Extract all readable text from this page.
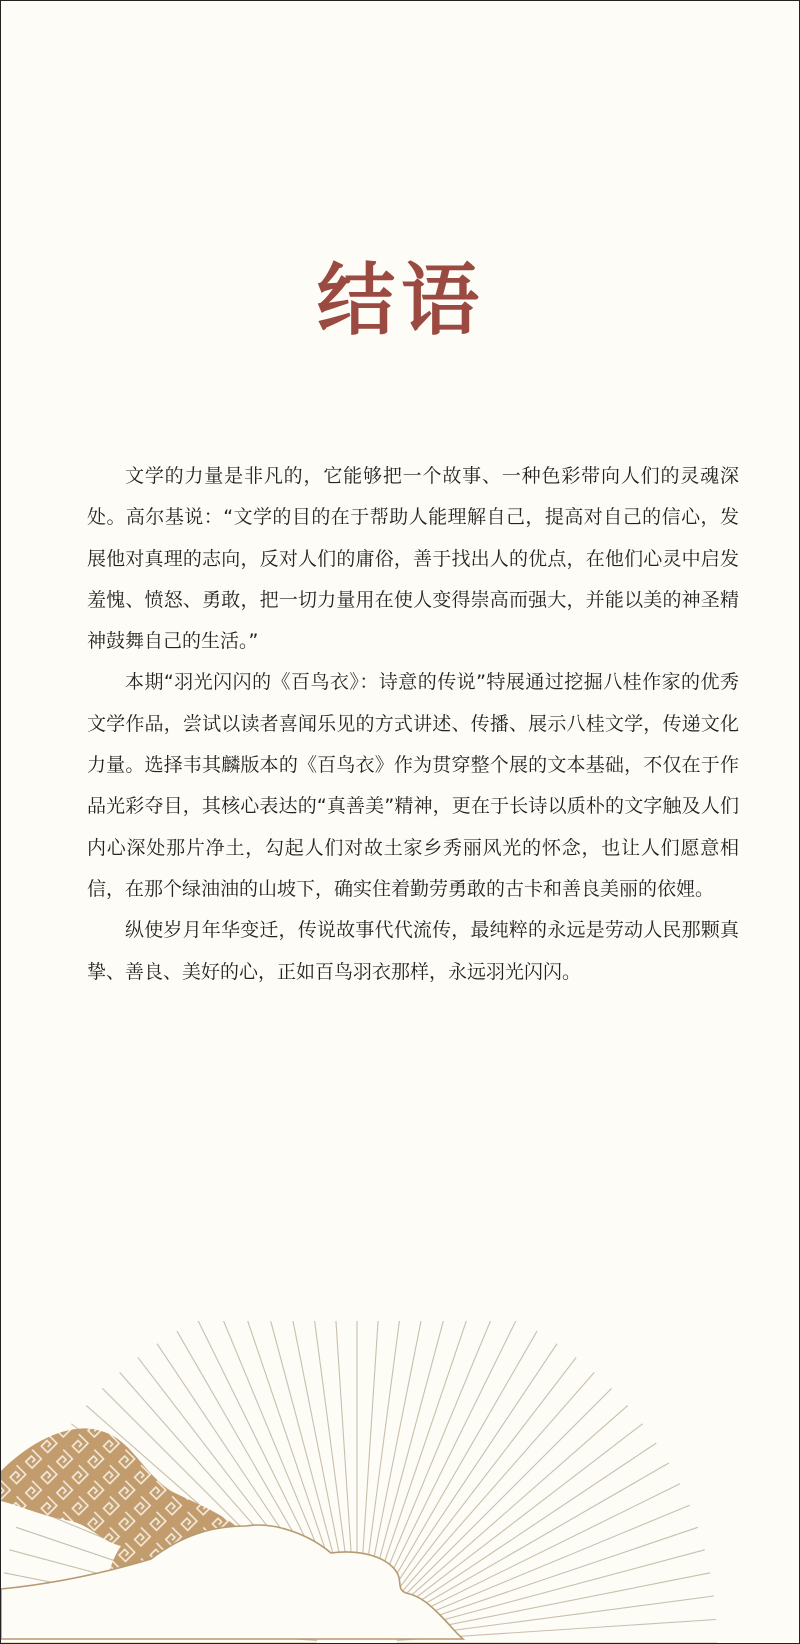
结语

文学的力量是非凡的，它能够把一个故事、一种色彩带向人们的灵魂深处。高尔基说：“文学的目的在于帮助人能理解自己，提高对自己的信心，发展他对真理的志向，反对人们的庸俗，善于找出人的优点，在他们心灵中启发羞愧、愤怒、勇敢，把一切力量用在使人变得崇高而强大，并能以美的神圣精神鼓舞自己的生活。”

本期“羽光闪闪的《百鸟衣》：诗意的传说”特展通过挖掘八桂作家的优秀文学作品，尝试以读者喜闻乐见的方式讲述、传播、展示八桂文学，传递文化力量。选择韦其麟版本的《百鸟衣》作为贯穿整个展的文本基础，不仅在于作品光彩夺目，其核心表达的“真善美”精神，更在于长诗以质朴的文字触及人们内心深处那片净土，勾起人们对故土家乡秀丽风光的怀念，也让人们愿意相信，在那个绿油油的山坡下，确实住着勤劳勇敢的古卡和善良美丽的依娌。

纵使岁月年华变迁，传说故事代代流传，最纯粹的永远是劳动人民那颗真挚、善良、美好的心，正如百鸟羽衣那样，永远羽光闪闪。
